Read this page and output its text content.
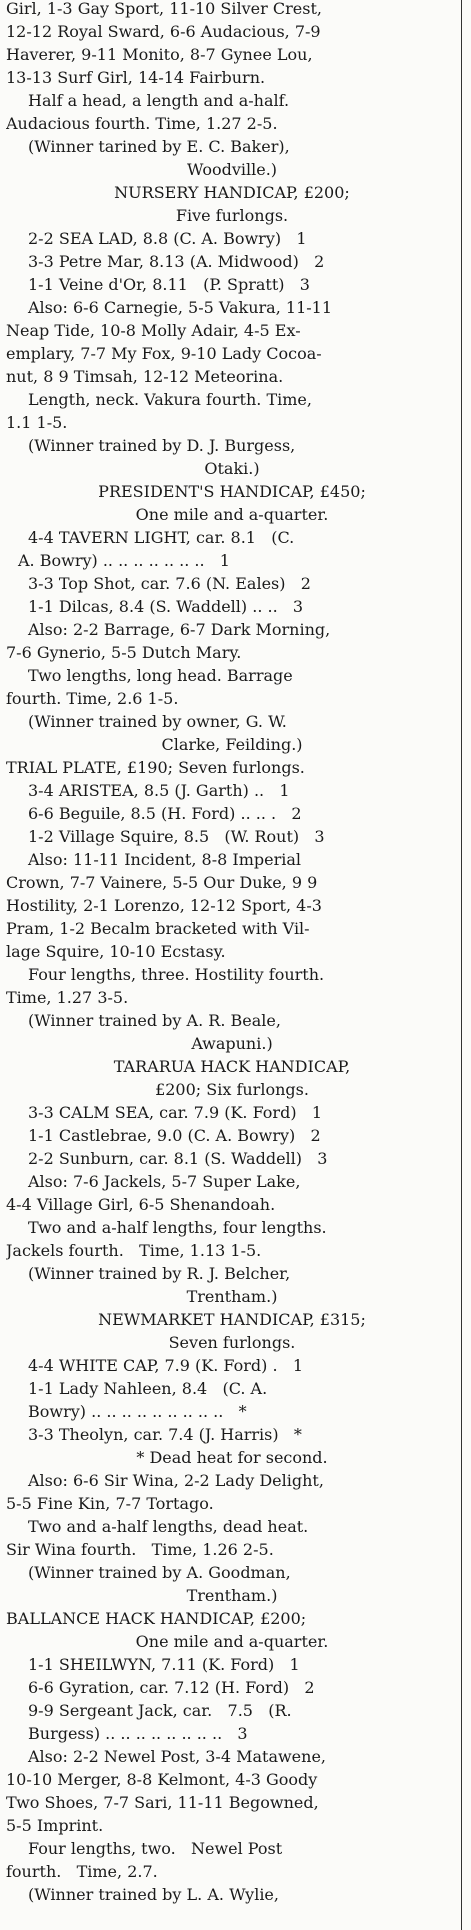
Girl, 1-3 Gay Sport, 11-10 Silver Crest,
12-12 Royal Sward, 6-6 Audacious, 7-9
Haverer, 9-11 Monito, 8-7 Gynee Lou,
13-13 Surf Girl, 14-14 Fairburn.
Half a head, a length and a-half.
Audacious fourth. Time, 1.27 2-5.
(Winner tarined by E. C. Baker),
Woodville.)
NURSERY HANDICAP, £200;
Five furlongs.
2-2 SEA LAD, 8.8 (C. A. Bowry)   1
3-3 Petre Mar, 8.13 (A. Midwood)   2
1-1 Veine d'Or, 8.11   (P. Spratt)   3
Also: 6-6 Carnegie, 5-5 Vakura, 11-11
Neap Tide, 10-8 Molly Adair, 4-5 Ex-
emplary, 7-7 My Fox, 9-10 Lady Cocoa-
nut, 8 9 Timsah, 12-12 Meteorina.
Length, neck. Vakura fourth. Time,
1.1 1-5.
(Winner trained by D. J. Burgess,
Otaki.)
PRESIDENT'S HANDICAP, £450;
One mile and a-quarter.
4-4 TAVERN LIGHT, car. 8.1   (C.
A. Bowry) .. .. .. .. .. .. ..   1
3-3 Top Shot, car. 7.6 (N. Eales)   2
1-1 Dilcas, 8.4 (S. Waddell) .. ..   3
Also: 2-2 Barrage, 6-7 Dark Morning,
7-6 Gynerio, 5-5 Dutch Mary.
Two lengths, long head. Barrage
fourth. Time, 2.6 1-5.
(Winner trained by owner, G. W.
Clarke, Feilding.)
TRIAL PLATE, £190; Seven furlongs.
3-4 ARISTEA, 8.5 (J. Garth) ..   1
6-6 Beguile, 8.5 (H. Ford) .. .. .   2
1-2 Village Squire, 8.5   (W. Rout)   3
Also: 11-11 Incident, 8-8 Imperial
Crown, 7-7 Vainere, 5-5 Our Duke, 9 9
Hostility, 2-1 Lorenzo, 12-12 Sport, 4-3
Pram, 1-2 Becalm bracketed with Vil-
lage Squire, 10-10 Ecstasy.
Four lengths, three. Hostility fourth.
Time, 1.27 3-5.
(Winner trained by A. R. Beale,
Awapuni.)
TARARUA HACK HANDICAP,
£200; Six furlongs.
3-3 CALM SEA, car. 7.9 (K. Ford)   1
1-1 Castlebrae, 9.0 (C. A. Bowry)   2
2-2 Sunburn, car. 8.1 (S. Waddell)   3
Also: 7-6 Jackels, 5-7 Super Lake,
4-4 Village Girl, 6-5 Shenandoah.
Two and a-half lengths, four lengths.
Jackels fourth.   Time, 1.13 1-5.
(Winner trained by R. J. Belcher,
Trentham.)
NEWMARKET HANDICAP, £315;
Seven furlongs.
4-4 WHITE CAP, 7.9 (K. Ford) .   1
1-1 Lady Nahleen, 8.4   (C. A.
Bowry) .. .. .. .. .. .. .. .. ..   *
3-3 Theolyn, car. 7.4 (J. Harris)   *
* Dead heat for second.
Also: 6-6 Sir Wina, 2-2 Lady Delight,
5-5 Fine Kin, 7-7 Tortago.
Two and a-half lengths, dead heat.
Sir Wina fourth.   Time, 1.26 2-5.
(Winner trained by A. Goodman,
Trentham.)
BALLANCE HACK HANDICAP, £200;
One mile and a-quarter.
1-1 SHEILWYN, 7.11 (K. Ford)   1
6-6 Gyration, car. 7.12 (H. Ford)   2
9-9 Sergeant Jack, car.   7.5   (R.
Burgess) .. .. .. .. .. .. .. ..   3
Also: 2-2 Newel Post, 3-4 Matawene,
10-10 Merger, 8-8 Kelmont, 4-3 Goody
Two Shoes, 7-7 Sari, 11-11 Begowned,
5-5 Imprint.
Four lengths, two.   Newel Post
fourth.   Time, 2.7.
(Winner trained by L. A. Wylie,
